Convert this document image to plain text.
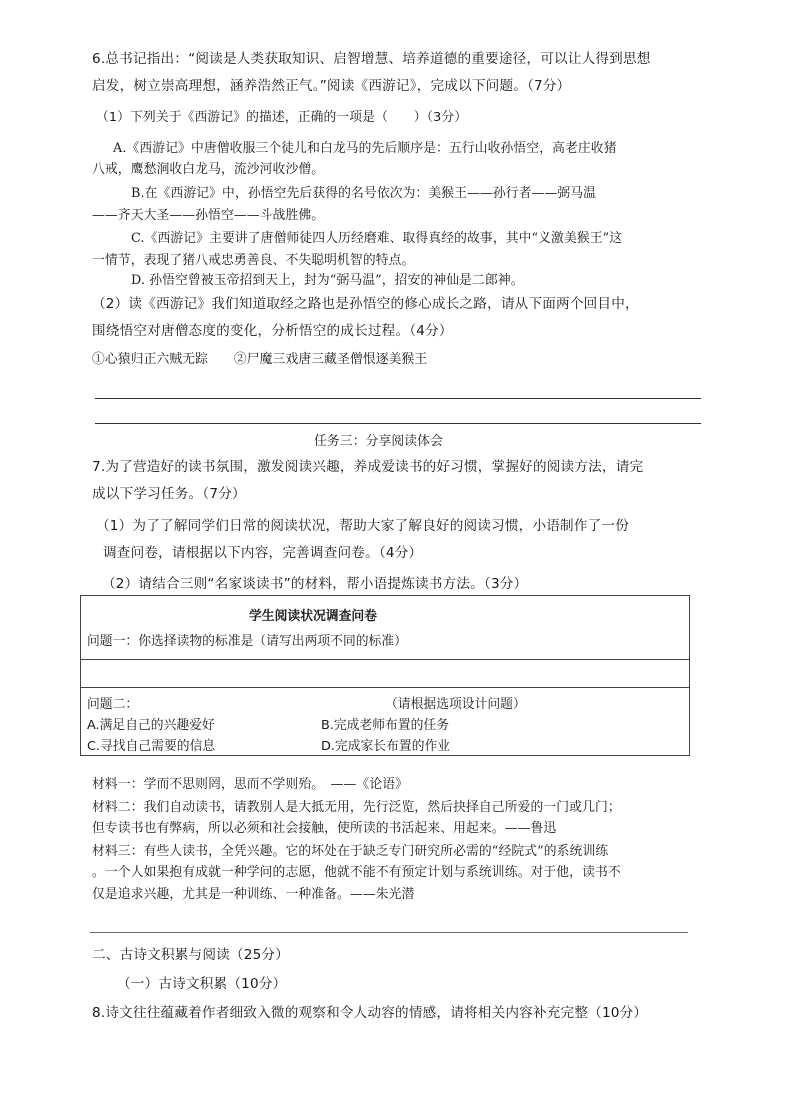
6.总书记指出：“阅读是人类获取知识、启智增慧、培养道德的重要途径，可以让人得到思想
启发，树立崇高理想，涵养浩然正气。”阅读《西游记》，完成以下问题。（7分）
（1）下列关于《西游记》的描述，正确的一项是（　　）（3分）
A.《西游记》中唐僧收服三个徒儿和白龙马的先后顺序是：五行山收孙悟空，高老庄收猪
八戒，鹰愁涧收白龙马，流沙河收沙僧。
B.在《西游记》中，孙悟空先后获得的名号依次为：美猴王——孙行者——弼马温
——齐天大圣——孙悟空——斗战胜佛。
C.《西游记》主要讲了唐僧师徒四人历经磨难、取得真经的故事，其中“义激美猴王”这
一情节，表现了猪八戒忠勇善良、不失聪明机智的特点。
D. 孙悟空曾被玉帝招到天上，封为“弼马温”，招安的神仙是二郎神。
（2）读《西游记》我们知道取经之路也是孙悟空的修心成长之路，请从下面两个回目中，
围绕悟空对唐僧态度的变化，分析悟空的成长过程。（4分）
①心猿归正六贼无踪　　②尸魔三戏唐三藏圣僧恨逐美猴王
任务三：分享阅读体会
7.为了营造好的读书氛围，激发阅读兴趣，养成爱读书的好习惯，掌握好的阅读方法，请完
成以下学习任务。（7分）
（1）为了了解同学们日常的阅读状况，帮助大家了解良好的阅读习惯，小语制作了一份
调查问卷，请根据以下内容，完善调查问卷。（4分）
（2）请结合三则“名家谈读书”的材料，帮小语提炼读书方法。（3分）
学生阅读状况调查问卷
问题一：你选择读物的标准是（请写出两项不同的标准）
问题二：	（请根据选项设计问题）
A.满足自己的兴趣爱好	B.完成老师布置的任务
C.寻找自己需要的信息	D.完成家长布置的作业
材料一：学而不思则罔，思而不学则殆。　——《论语》
材料二：我们自动读书，请教别人是大抵无用，先行泛览，然后抉择自己所爱的一门或几门；
但专读书也有弊病，所以必须和社会接触，使所读的书活起来、用起来。——鲁迅
材料三：有些人读书，全凭兴趣。它的坏处在于缺乏专门研究所必需的“经院式”的系统训练
。一个人如果抱有成就一种学问的志愿，他就不能不有预定计划与系统训练。对于他，读书不
仅是追求兴趣，尤其是一种训练、一种准备。——朱光潜
二、古诗文积累与阅读（25分）
（一）古诗文积累（10分）
8.诗文往往蕴藏着作者细致入微的观察和令人动容的情感，请将相关内容补充完整（10分）
